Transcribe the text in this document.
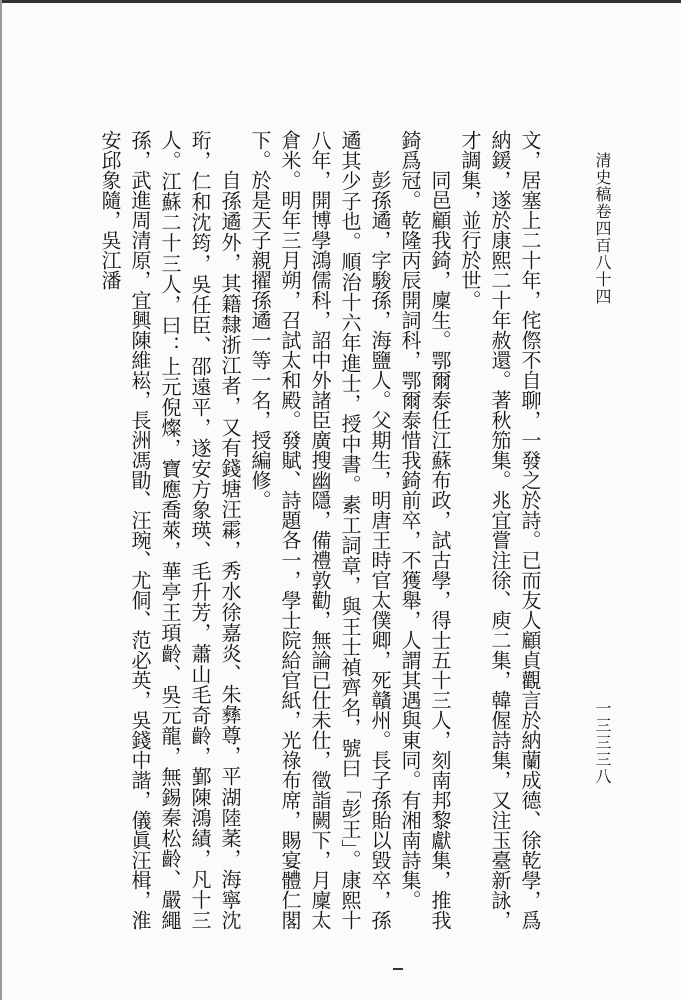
清史稿卷四百八十四
一三三三八

文，居塞上二十年，侘傺不自聊，一發之於詩。已而友人顧貞觀言於納蘭成德、徐乾學，爲納鍰，遂於康熙二十年赦還。著秋笳集。兆宜嘗注徐、庾二集，韓偓詩集，又注玉臺新詠，才調集，並行於世。

同邑顧我錡，廩生。鄂爾泰任江蘇布政，試古學，得士五十三人，刻南邦黎獻集，推我錡爲冠。乾隆丙辰開詞科，鄂爾泰惜我錡前卒，不獲舉，人謂其遇與東同。有湘南詩集。

彭孫遹，字駿孫，海鹽人。父期生，明唐王時官太僕卿，死贛州。長子孫貽以毀卒，孫遹其少子也。順治十六年進士，授中書。素工詞章，與王士禎齊名，號曰「彭王」。康熙十八年，開博學鴻儒科，詔中外諸臣廣搜幽隱，備禮敦勸，無論已仕未仕，徵詣闕下，月廩太倉米。明年三月朔，召試太和殿。發賦、詩題各一，學士院給官紙，光祿布席，賜宴體仁閣下。於是天子親擢孫遹一等一名，授編修。

自孫遹外，其籍隸浙江者，又有錢塘汪霦，秀水徐嘉炎、朱彝尊，平湖陸葇，海寧沈珩，仁和沈筠，吳任臣、邵遠平，遂安方象瑛、毛升芳，蕭山毛奇齡，鄞陳鴻績，凡十三人。江蘇二十三人，曰：上元倪燦，寶應喬萊，華亭王頊齡、吳元龍，無錫秦松齡、嚴繩孫，武進周清原，宜興陳維崧，長洲馮勖、汪琬、尤侗、范必英，吳錢中諧，儀眞汪楫，淮安邱象隨，吳江潘
